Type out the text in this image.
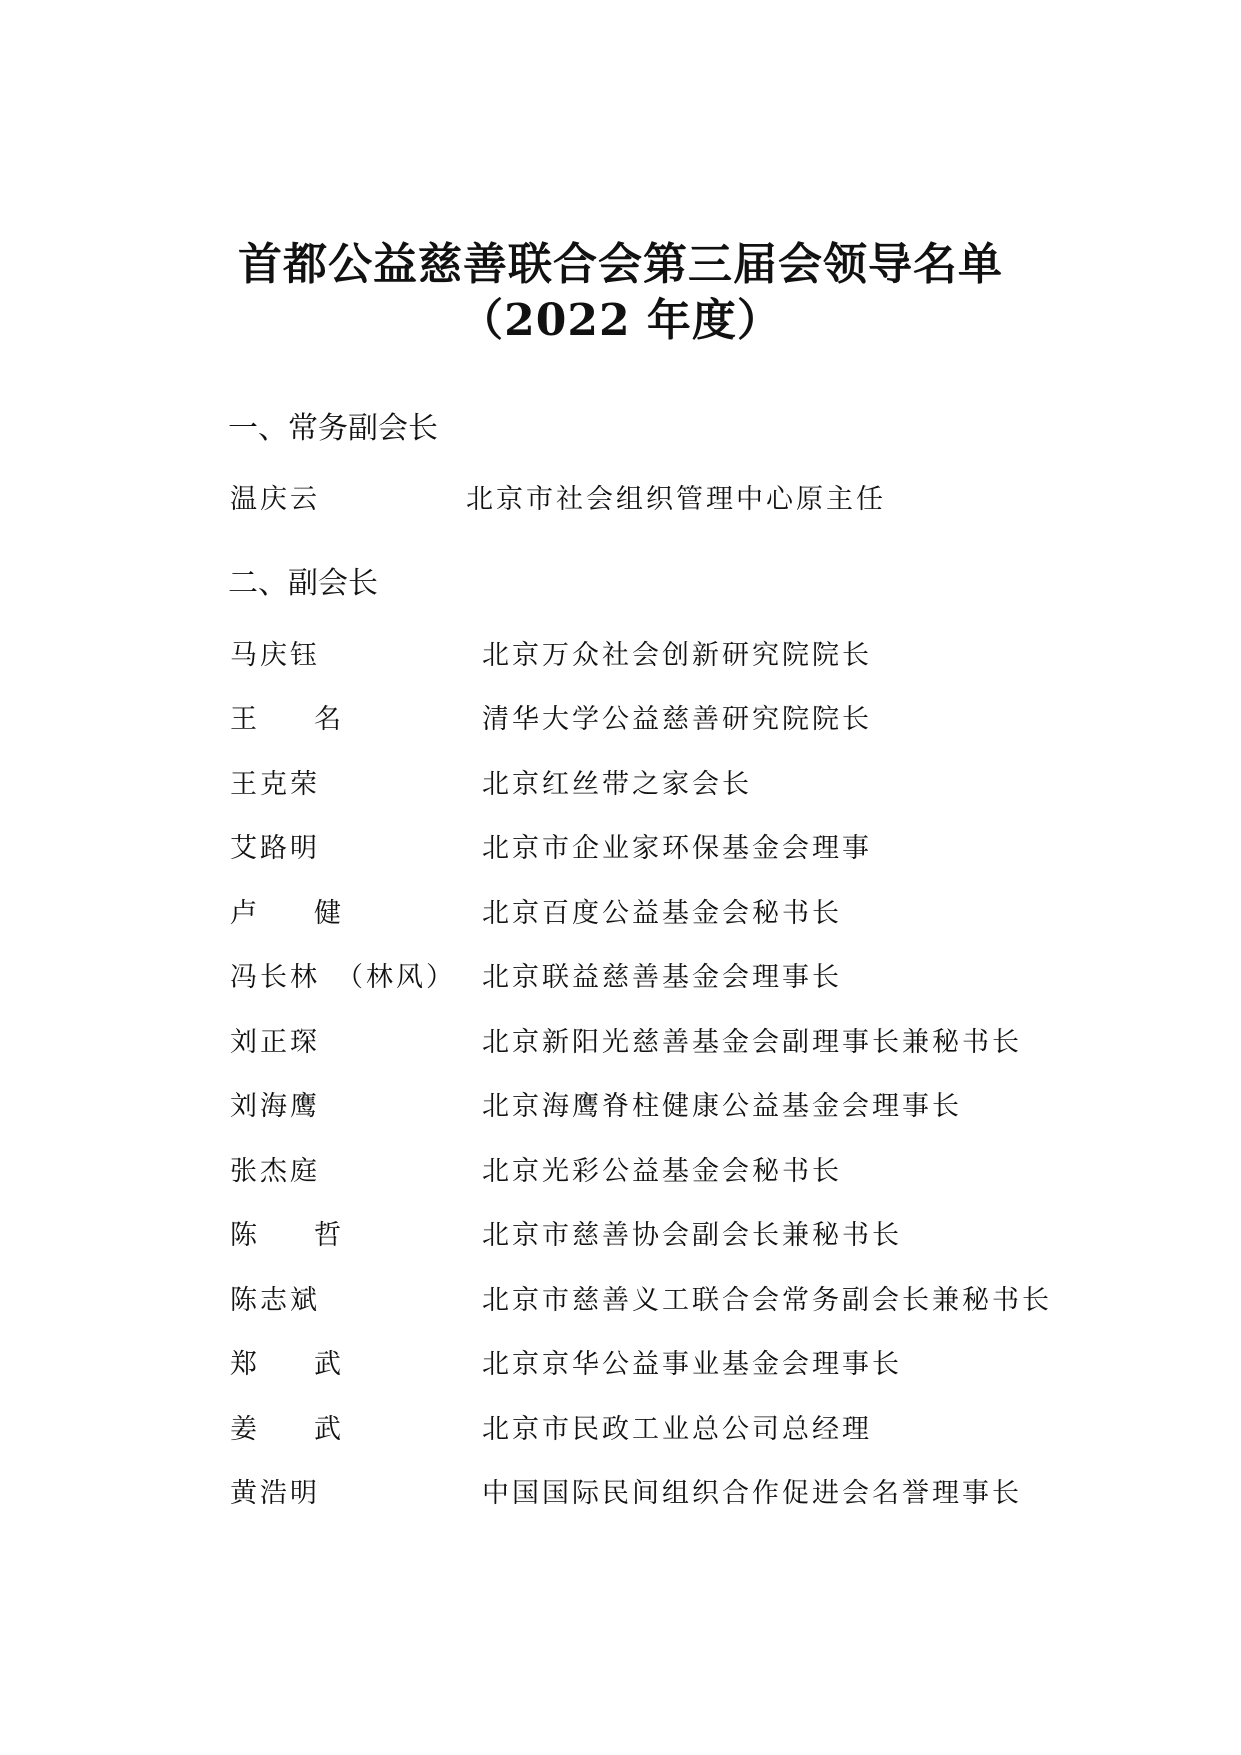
首都公益慈善联合会第三届会领导名单
（2022 年度）
一、常务副会长
温庆云	北京市社会组织管理中心原主任
二、副会长
马庆钰	北京万众社会创新研究院院长
王 名	清华大学公益慈善研究院院长
王克荣	北京红丝带之家会长
艾路明	北京市企业家环保基金会理事
卢 健	北京百度公益基金会秘书长
冯长林 （林风） 北京联益慈善基金会理事长
刘正琛	北京新阳光慈善基金会副理事长兼秘书长
刘海鹰	北京海鹰脊柱健康公益基金会理事长
张杰庭	北京光彩公益基金会秘书长
陈 哲	北京市慈善协会副会长兼秘书长
陈志斌	北京市慈善义工联合会常务副会长兼秘书长
郑 武	北京京华公益事业基金会理事长
姜 武	北京市民政工业总公司总经理
黄浩明	中国国际民间组织合作促进会名誉理事长
